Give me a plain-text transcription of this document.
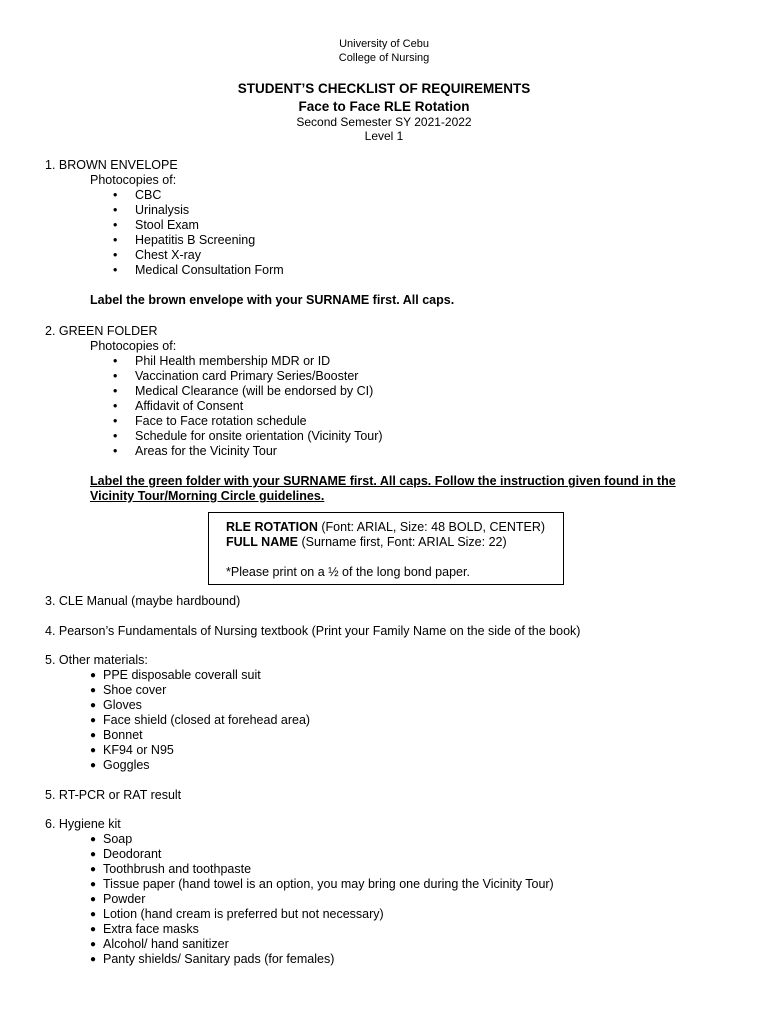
University of Cebu
College of Nursing
STUDENT’S CHECKLIST OF REQUIREMENTS
Face to Face RLE Rotation
Second Semester SY 2021-2022
Level 1
1. BROWN ENVELOPE
Photocopies of:
• CBC
• Urinalysis
• Stool Exam
• Hepatitis B Screening
• Chest X-ray
• Medical Consultation Form
Label the brown envelope with your SURNAME first. All caps.
2. GREEN FOLDER
Photocopies of:
• Phil Health membership MDR or ID
• Vaccination card Primary Series/Booster
• Medical Clearance (will be endorsed by CI)
• Affidavit of Consent
• Face to Face rotation schedule
• Schedule for onsite orientation (Vicinity Tour)
• Areas for the Vicinity Tour
Label the green folder with your SURNAME first. All caps. Follow the instruction given found in the
Vicinity Tour/Morning Circle guidelines.

RLE ROTATION (Font: ARIAL, Size: 48 BOLD, CENTER)

FULL NAME (Surname first, Font: ARIAL Size: 22)

*Please print on a ½ of the long bond paper.

3. CLE Manual (maybe hardbound)
4. Pearson’s Fundamentals of Nursing textbook (Print your Family Name on the side of the book)
5. Other materials:
● PPE disposable coverall suit
● Shoe cover
● Gloves
● Face shield (closed at forehead area)
● Bonnet
● KF94 or N95
● Goggles
5. RT-PCR or RAT result
6. Hygiene kit
● Soap
● Deodorant
● Toothbrush and toothpaste
● Tissue paper (hand towel is an option, you may bring one during the Vicinity Tour)
● Powder
● Lotion (hand cream is preferred but not necessary)
● Extra face masks
● Alcohol/ hand sanitizer
● Panty shields/ Sanitary pads (for females)
